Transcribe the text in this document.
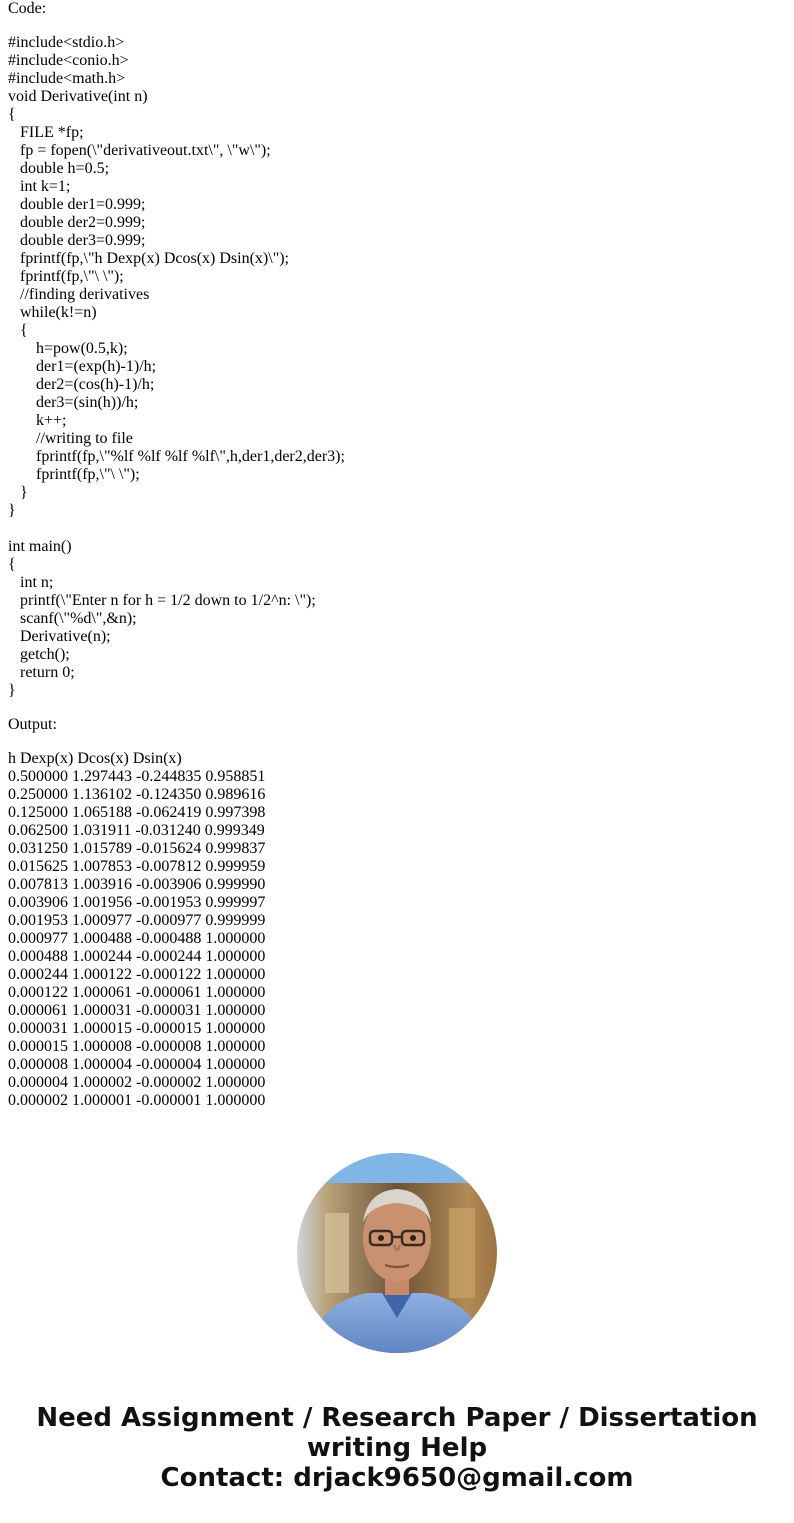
Code:
#include<stdio.h>
#include<conio.h>
#include<math.h>
void Derivative(int n)
{
FILE *fp;
fp = fopen(\"derivativeout.txt\", \"w\");
double h=0.5;
int k=1;
double der1=0.999;
double der2=0.999;
double der3=0.999;
fprintf(fp,\"h Dexp(x) Dcos(x) Dsin(x)\");
fprintf(fp,\"\ \");
//finding derivatives
while(k!=n)
{
h=pow(0.5,k);
der1=(exp(h)-1)/h;
der2=(cos(h)-1)/h;
der3=(sin(h))/h;
k++;
//writing to file
fprintf(fp,\"%lf %lf %lf %lf\",h,der1,der2,der3);
fprintf(fp,\"\ \");
}
}
int main()
{
int n;
printf(\"Enter n for h = 1/2 down to 1/2^n: \");
scanf(\"%d\",&n);
Derivative(n);
getch();
return 0;
}
Output:
h Dexp(x) Dcos(x) Dsin(x)
0.500000 1.297443 -0.244835 0.958851
0.250000 1.136102 -0.124350 0.989616
0.125000 1.065188 -0.062419 0.997398
0.062500 1.031911 -0.031240 0.999349
0.031250 1.015789 -0.015624 0.999837
0.015625 1.007853 -0.007812 0.999959
0.007813 1.003916 -0.003906 0.999990
0.003906 1.001956 -0.001953 0.999997
0.001953 1.000977 -0.000977 0.999999
0.000977 1.000488 -0.000488 1.000000
0.000488 1.000244 -0.000244 1.000000
0.000244 1.000122 -0.000122 1.000000
0.000122 1.000061 -0.000061 1.000000
0.000061 1.000031 -0.000031 1.000000
0.000031 1.000015 -0.000015 1.000000
0.000015 1.000008 -0.000008 1.000000
0.000008 1.000004 -0.000004 1.000000
0.000004 1.000002 -0.000002 1.000000
0.000002 1.000001 -0.000001 1.000000
Need Assignment / Research Paper / Dissertation
writing Help
Contact: drjack9650@gmail.com
